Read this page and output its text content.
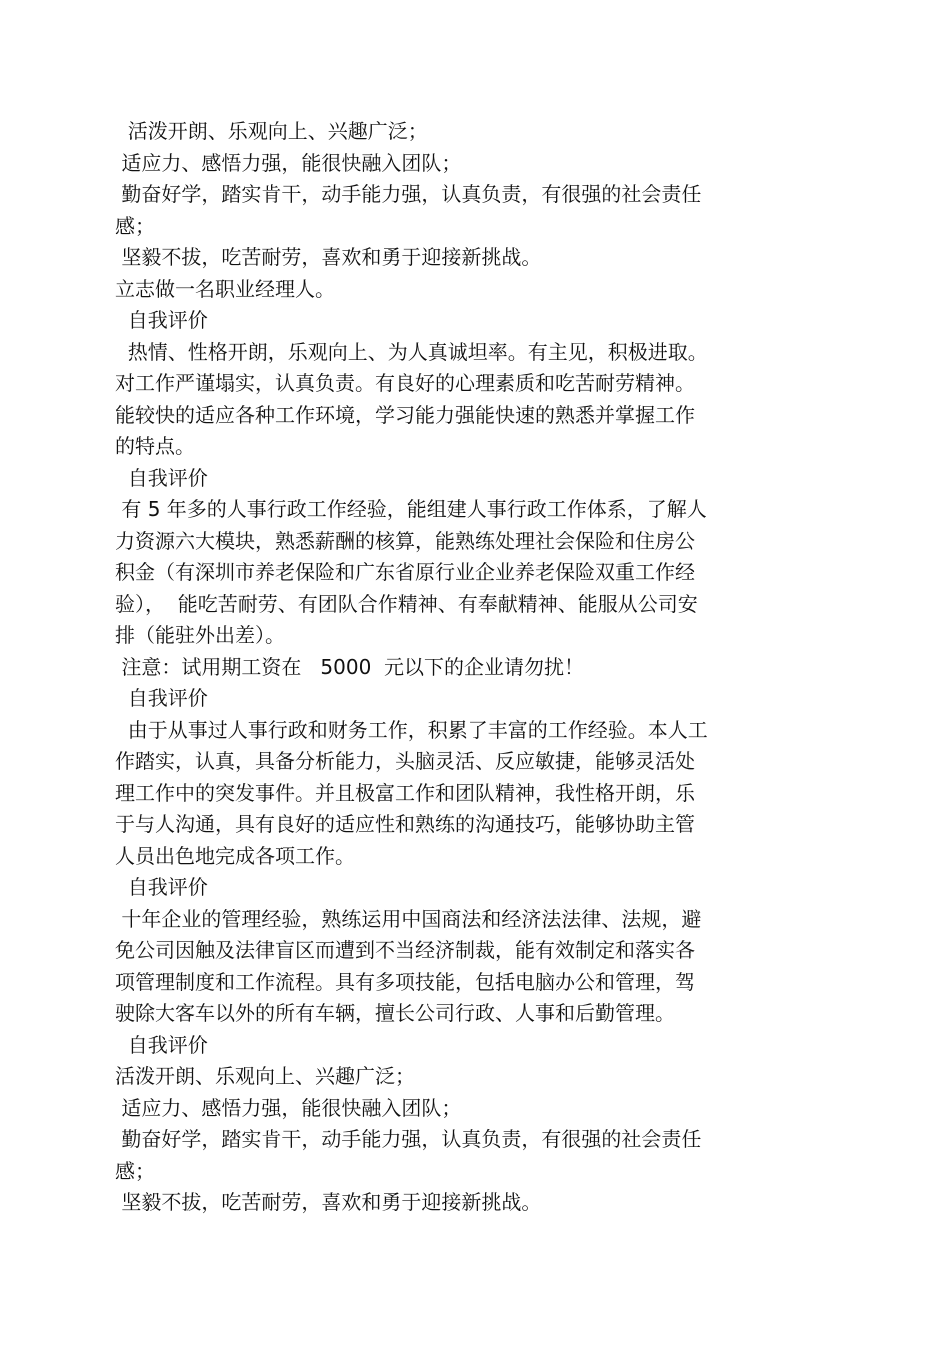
活泼开朗、乐观向上、兴趣广泛；
适应力、感悟力强，能很快融入团队；
勤奋好学，踏实肯干，动手能力强，认真负责，有很强的社会责任
感；
坚毅不拔，吃苦耐劳，喜欢和勇于迎接新挑战。
立志做一名职业经理人。
自我评价
热情、性格开朗，乐观向上、为人真诚坦率。有主见，积极进取。
对工作严谨塌实，认真负责。有良好的心理素质和吃苦耐劳精神。
能较快的适应各种工作环境，学习能力强能快速的熟悉并掌握工作
的特点。
自我评价
有 5 年多的人事行政工作经验，能组建人事行政工作体系，了解人
力资源六大模块，熟悉薪酬的核算，能熟练处理社会保险和住房公
积金（有深圳市养老保险和广东省原行业企业养老保险双重工作经
验），  能吃苦耐劳、有团队合作精神、有奉献精神、能服从公司安
排（能驻外出差）。
注意：试用期工资在   5000  元以下的企业请勿扰！
自我评价
由于从事过人事行政和财务工作，积累了丰富的工作经验。本人工
作踏实，认真，具备分析能力，头脑灵活、反应敏捷，能够灵活处
理工作中的突发事件。并且极富工作和团队精神，我性格开朗，乐
于与人沟通，具有良好的适应性和熟练的沟通技巧，能够协助主管
人员出色地完成各项工作。
自我评价
十年企业的管理经验，熟练运用中国商法和经济法法律、法规，避
免公司因触及法律盲区而遭到不当经济制裁，能有效制定和落实各
项管理制度和工作流程。具有多项技能，包括电脑办公和管理，驾
驶除大客车以外的所有车辆，擅长公司行政、人事和后勤管理。
自我评价
活泼开朗、乐观向上、兴趣广泛；
适应力、感悟力强，能很快融入团队；
勤奋好学，踏实肯干，动手能力强，认真负责，有很强的社会责任
感；
坚毅不拔，吃苦耐劳，喜欢和勇于迎接新挑战。
